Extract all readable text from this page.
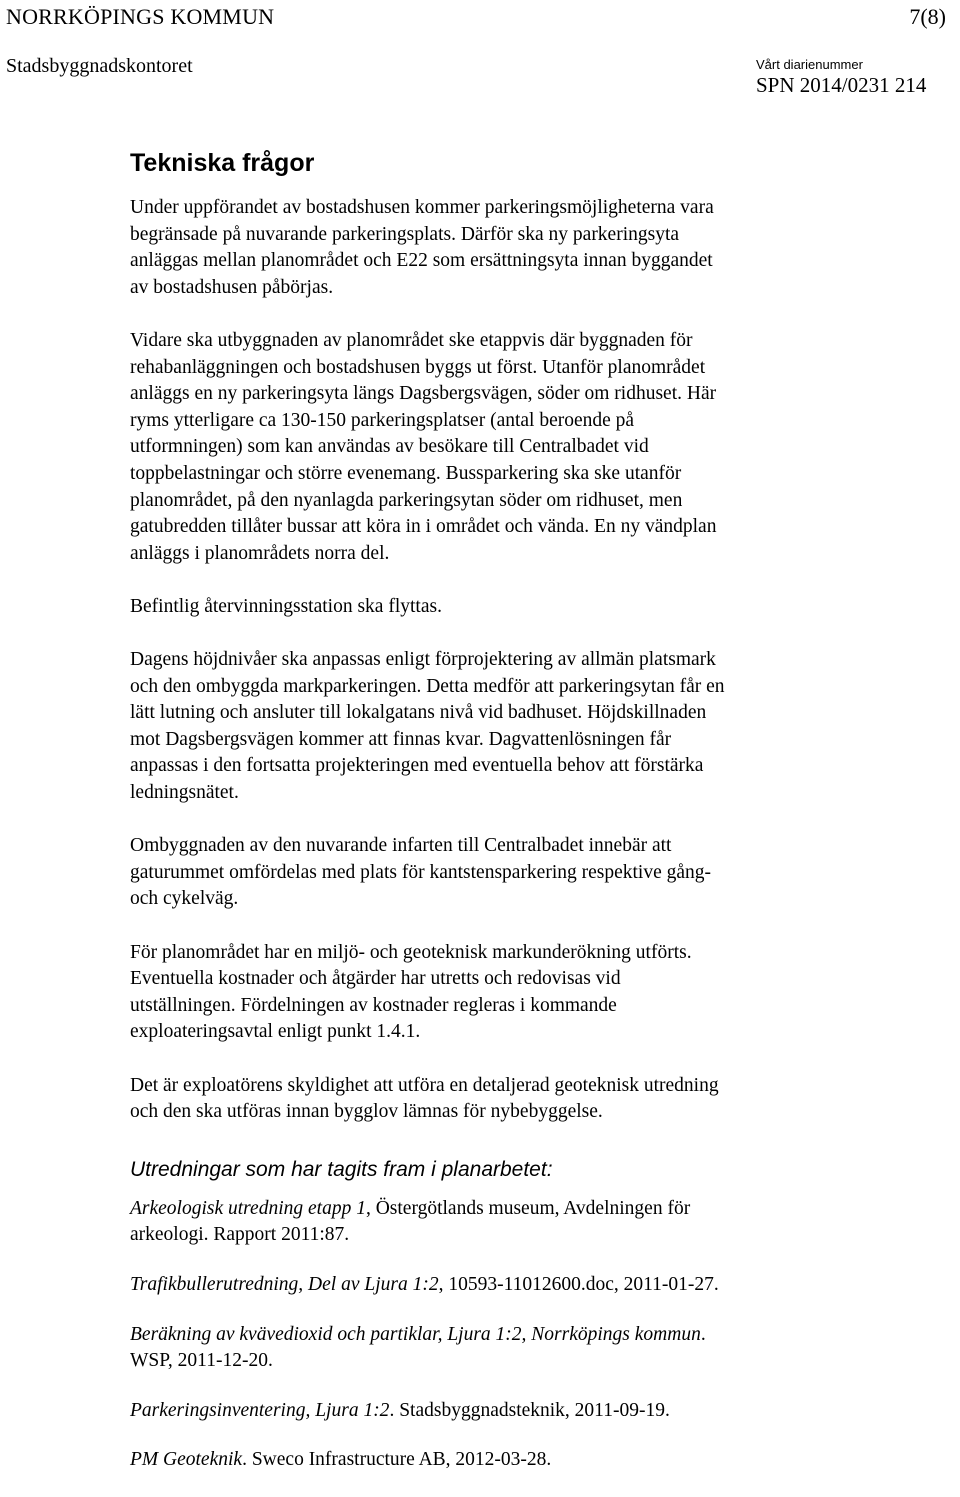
NORRKÖPINGS KOMMUN	7(8)
Stadsbyggnadskontoret	Vårt diarienummer
SPN 2014/0231 214
Tekniska frågor
Under uppförandet av bostadshusen kommer parkeringsmöjligheterna vara
begränsade på nuvarande parkeringsplats. Därför ska ny parkeringsyta
anläggas mellan planområdet och E22 som ersättningsyta innan byggandet
av bostadshusen påbörjas.
Vidare ska utbyggnaden av planområdet ske etappvis där byggnaden för
rehabanläggningen och bostadshusen byggs ut först. Utanför planområdet
anläggs en ny parkeringsyta längs Dagsbergsvägen, söder om ridhuset. Här
ryms ytterligare ca 130-150 parkeringsplatser (antal beroende på
utformningen) som kan användas av besökare till Centralbadet vid
toppbelastningar och större evenemang. Bussparkering ska ske utanför
planområdet, på den nyanlagda parkeringsytan söder om ridhuset, men
gatubredden tillåter bussar att köra in i området och vända. En ny vändplan
anläggs i planområdets norra del.
Befintlig återvinningsstation ska flyttas.
Dagens höjdnivåer ska anpassas enligt förprojektering av allmän platsmark
och den ombyggda markparkeringen. Detta medför att parkeringsytan får en
lätt lutning och ansluter till lokalgatans nivå vid badhuset. Höjdskillnaden
mot Dagsbergsvägen kommer att finnas kvar. Dagvattenlösningen får
anpassas i den fortsatta projekteringen med eventuella behov att förstärka
ledningsnätet.
Ombyggnaden av den nuvarande infarten till Centralbadet innebär att
gaturummet omfördelas med plats för kantstensparkering respektive gång-
och cykelväg.
För planområdet har en miljö- och geoteknisk markunderökning utförts.
Eventuella kostnader och åtgärder har utretts och redovisas vid
utställningen. Fördelningen av kostnader regleras i kommande
exploateringsavtal enligt punkt 1.4.1.
Det är exploatörens skyldighet att utföra en detaljerad geoteknisk utredning
och den ska utföras innan bygglov lämnas för nybebyggelse.
Utredningar som har tagits fram i planarbetet:
Arkeologisk utredning etapp 1, Östergötlands museum, Avdelningen för
arkeologi. Rapport 2011:87.
Trafikbullerutredning, Del av Ljura 1:2, 10593-11012600.doc, 2011-01-27.
Beräkning av kvävedioxid och partiklar, Ljura 1:2, Norrköpings kommun.
WSP, 2011-12-20.
Parkeringsinventering, Ljura 1:2. Stadsbyggnadsteknik, 2011-09-19.
PM Geoteknik. Sweco Infrastructure AB, 2012-03-28.
